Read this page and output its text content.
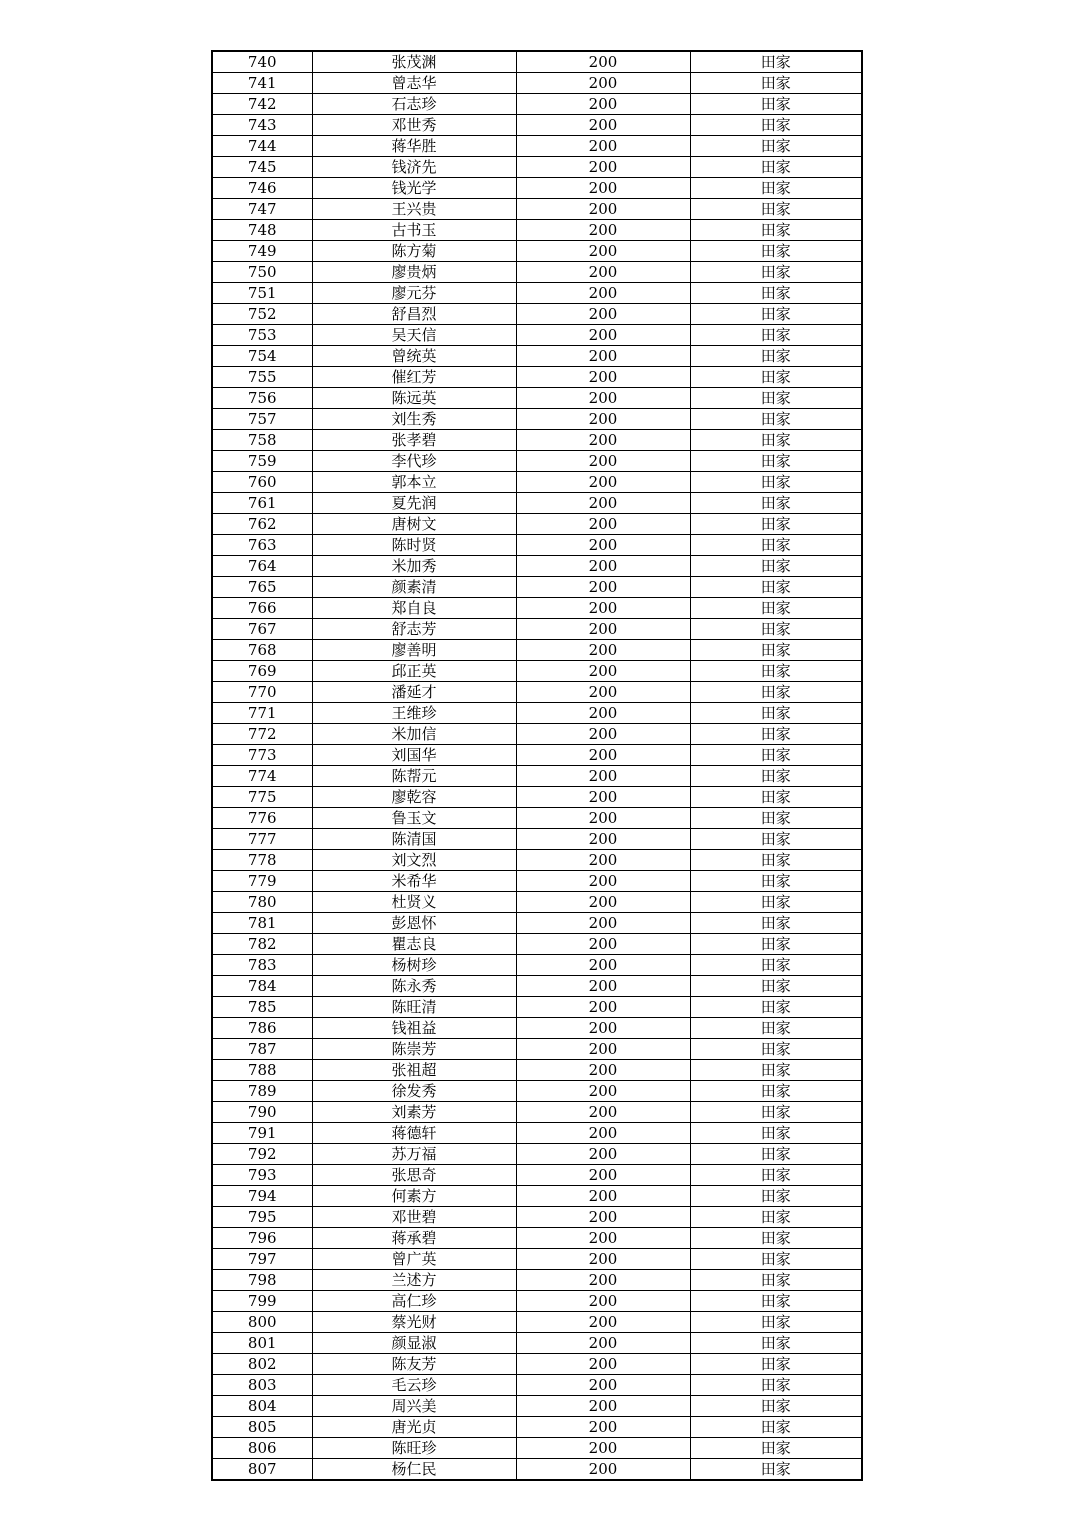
740	张茂渊	200	田家
741	曾志华	200	田家
742	石志珍	200	田家
743	邓世秀	200	田家
744	蒋华胜	200	田家
745	钱济先	200	田家
746	钱光学	200	田家
747	王兴贵	200	田家
748	古书玉	200	田家
749	陈方菊	200	田家
750	廖贵炳	200	田家
751	廖元芬	200	田家
752	舒昌烈	200	田家
753	吴天信	200	田家
754	曾统英	200	田家
755	催红芳	200	田家
756	陈远英	200	田家
757	刘生秀	200	田家
758	张孝碧	200	田家
759	李代珍	200	田家
760	郭本立	200	田家
761	夏先润	200	田家
762	唐树文	200	田家
763	陈时贤	200	田家
764	米加秀	200	田家
765	颜素清	200	田家
766	郑自良	200	田家
767	舒志芳	200	田家
768	廖善明	200	田家
769	邱正英	200	田家
770	潘延才	200	田家
771	王维珍	200	田家
772	米加信	200	田家
773	刘国华	200	田家
774	陈帮元	200	田家
775	廖乾容	200	田家
776	鲁玉文	200	田家
777	陈清国	200	田家
778	刘文烈	200	田家
779	米希华	200	田家
780	杜贤义	200	田家
781	彭恩怀	200	田家
782	瞿志良	200	田家
783	杨树珍	200	田家
784	陈永秀	200	田家
785	陈旺清	200	田家
786	钱祖益	200	田家
787	陈崇芳	200	田家
788	张祖超	200	田家
789	徐发秀	200	田家
790	刘素芳	200	田家
791	蒋德轩	200	田家
792	苏万福	200	田家
793	张思奇	200	田家
794	何素方	200	田家
795	邓世碧	200	田家
796	蒋承碧	200	田家
797	曾广英	200	田家
798	兰述方	200	田家
799	高仁珍	200	田家
800	蔡光财	200	田家
801	颜显淑	200	田家
802	陈友芳	200	田家
803	毛云珍	200	田家
804	周兴美	200	田家
805	唐光贞	200	田家
806	陈旺珍	200	田家
807	杨仁民	200	田家
